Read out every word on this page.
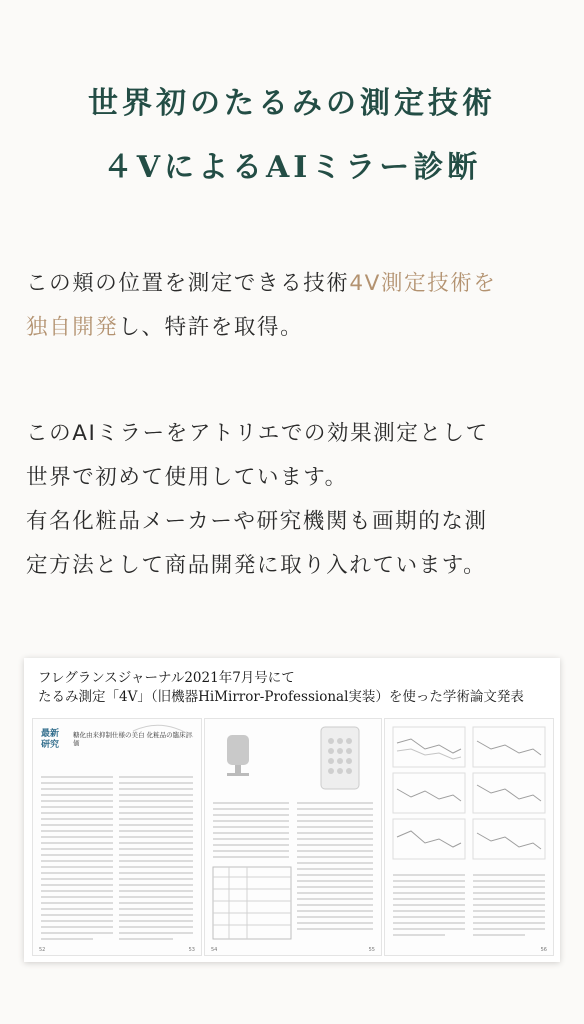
世界初のたるみの測定技術
４VによるAIミラー診断
この頬の位置を測定できる技術4V測定技術を
独自開発し、特許を取得。
このAIミラーをアトリエでの効果測定として
世界で初めて使用しています。
有名化粧品メーカーや研究機関も画期的な測
定方法として商品開発に取り入れています。
フレグランスジャーナル2021年7月号にて
たるみ測定「4V」（旧機器HiMirror-Professional実装）を使った学術論文発表
最新研究
糖化由来抑制仕様の美白 化粧品の臨床評価
52	53	54	55	56
